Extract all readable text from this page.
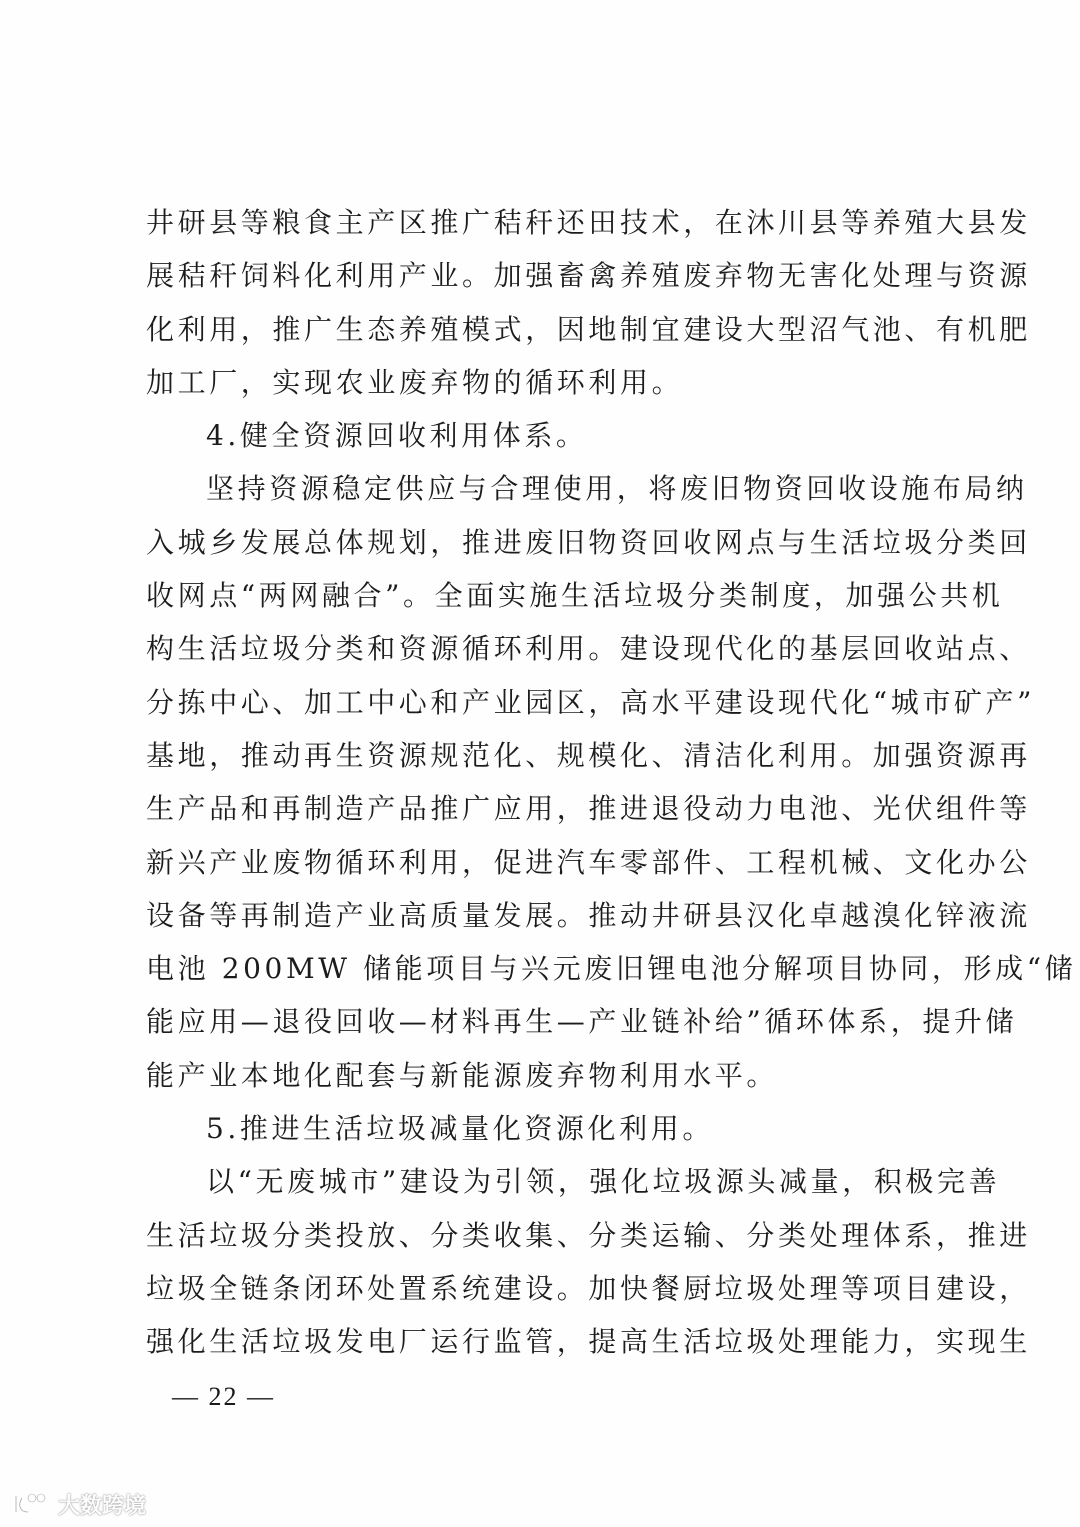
井研县等粮食主产区推广秸秆还田技术，在沐川县等养殖大县发
展秸秆饲料化利用产业。加强畜禽养殖废弃物无害化处理与资源
化利用，推广生态养殖模式，因地制宜建设大型沼气池、有机肥
加工厂，实现农业废弃物的循环利用。
4.健全资源回收利用体系。
坚持资源稳定供应与合理使用，将废旧物资回收设施布局纳
入城乡发展总体规划，推进废旧物资回收网点与生活垃圾分类回
收网点“两网融合”。全面实施生活垃圾分类制度，加强公共机
构生活垃圾分类和资源循环利用。建设现代化的基层回收站点、
分拣中心、加工中心和产业园区，高水平建设现代化“城市矿产”
基地，推动再生资源规范化、规模化、清洁化利用。加强资源再
生产品和再制造产品推广应用，推进退役动力电池、光伏组件等
新兴产业废物循环利用，促进汽车零部件、工程机械、文化办公
设备等再制造产业高质量发展。推动井研县汉化卓越溴化锌液流
电池 200MW 储能项目与兴元废旧锂电池分解项目协同，形成“储
能应用—退役回收—材料再生—产业链补给”循环体系，提升储
能产业本地化配套与新能源废弃物利用水平。
5.推进生活垃圾减量化资源化利用。
以“无废城市”建设为引领，强化垃圾源头减量，积极完善
生活垃圾分类投放、分类收集、分类运输、分类处理体系，推进
垃圾全链条闭环处置系统建设。加快餐厨垃圾处理等项目建设，
强化生活垃圾发电厂运行监管，提高生活垃圾处理能力，实现生
— 22 —
大数跨境
